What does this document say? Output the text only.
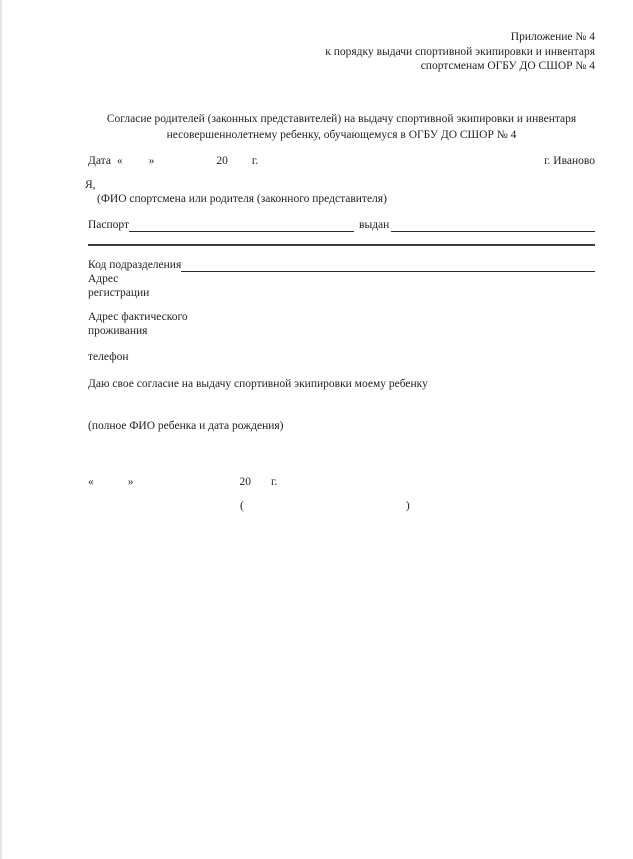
Приложение № 4
к порядку выдачи спортивной экипировки и инвентаря
спортсменам ОГБУ ДО СШОР № 4
Согласие родителей (законных представителей) на выдачу спортивной экипировки и инвентаря
несовершеннолетнему ребенку, обучающемуся в ОГБУ ДО СШОР № 4
Дата « »	20 г.	г. Иваново
Я,
(ФИО спортсмена или родителя (законного представителя)
Паспорт	выдан
Код подразделения
Адрес
регистрации
Адрес фактического
проживания
телефон
Даю свое согласие на выдачу спортивной экипировки моему ребенку
(полное ФИО ребенка и дата рождения)
«	»	20 г.
(	)
